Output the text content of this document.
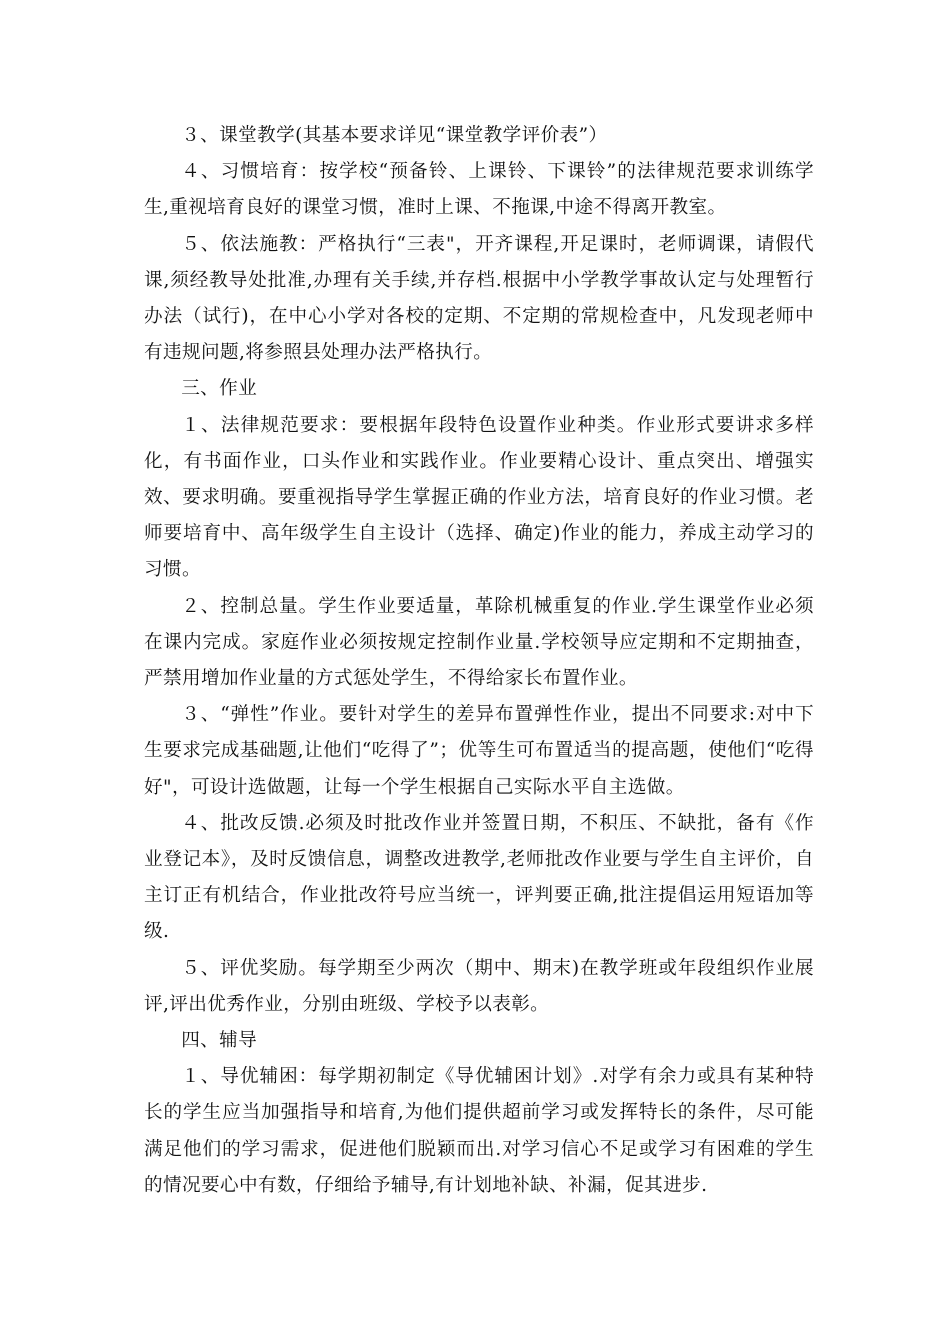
３、课堂教学(其基本要求详见“课堂教学评价表”）

４、习惯培育：按学校“预备铃、上课铃、下课铃”的法律规范要求训练学生,重视培育良好的课堂习惯，准时上课、不拖课,中途不得离开教室。

５、依法施教：严格执行“三表"，开齐课程,开足课时，老师调课，请假代课,须经教导处批准,办理有关手续,并存档.根据中小学教学事故认定与处理暂行办法（试行)，在中心小学对各校的定期、不定期的常规检查中，凡发现老师中有违规问题,将参照县处理办法严格执行。

三、作业

１、法律规范要求：要根据年段特色设置作业种类。作业形式要讲求多样化，有书面作业，口头作业和实践作业。作业要精心设计、重点突出、增强实效、要求明确。要重视指导学生掌握正确的作业方法，培育良好的作业习惯。老师要培育中、高年级学生自主设计（选择、确定)作业的能力，养成主动学习的习惯。

２、控制总量。学生作业要适量，革除机械重复的作业.学生课堂作业必须在课内完成。家庭作业必须按规定控制作业量.学校领导应定期和不定期抽查，严禁用增加作业量的方式惩处学生，不得给家长布置作业。

３、“弹性”作业。要针对学生的差异布置弹性作业，提出不同要求:对中下生要求完成基础题,让他们“吃得了”；优等生可布置适当的提高题，使他们“吃得好"，可设计选做题，让每一个学生根据自己实际水平自主选做。

４、批改反馈.必须及时批改作业并签置日期，不积压、不缺批，备有《作业登记本》，及时反馈信息，调整改进教学,老师批改作业要与学生自主评价，自主订正有机结合，作业批改符号应当统一，评判要正确,批注提倡运用短语加等级.

５、评优奖励。每学期至少两次（期中、期末)在教学班或年段组织作业展评,评出优秀作业，分别由班级、学校予以表彰。

四、辅导

１、导优辅困：每学期初制定《导优辅困计划》.对学有余力或具有某种特长的学生应当加强指导和培育,为他们提供超前学习或发挥特长的条件，尽可能满足他们的学习需求，促进他们脱颖而出.对学习信心不足或学习有困难的学生的情况要心中有数，仔细给予辅导,有计划地补缺、补漏，促其进步.
